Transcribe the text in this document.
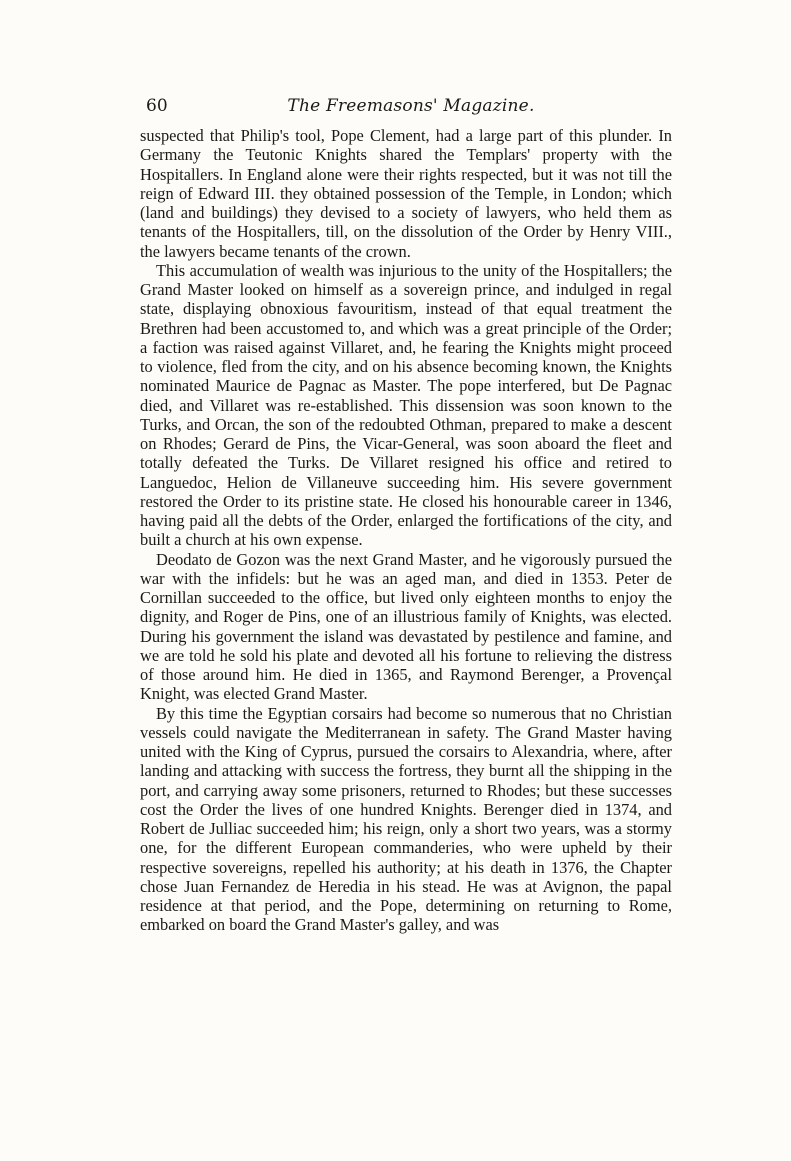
60	The Freemasons' Magazine.

suspected that Philip's tool, Pope Clement, had a large part of this plunder. In Germany the Teutonic Knights shared the Templars' property with the Hospitallers. In England alone were their rights respected, but it was not till the reign of Edward III. they obtained possession of the Temple, in London; which (land and buildings) they devised to a society of lawyers, who held them as tenants of the Hospitallers, till, on the dissolution of the Order by Henry VIII., the lawyers became tenants of the crown.

This accumulation of wealth was injurious to the unity of the Hospitallers; the Grand Master looked on himself as a sovereign prince, and indulged in regal state, displaying obnoxious favouritism, instead of that equal treatment the Brethren had been accustomed to, and which was a great principle of the Order; a faction was raised against Villaret, and, he fearing the Knights might proceed to violence, fled from the city, and on his absence becoming known, the Knights nominated Maurice de Pagnac as Master. The pope interfered, but De Pagnac died, and Villaret was re-established. This dissension was soon known to the Turks, and Orcan, the son of the redoubted Othman, prepared to make a descent on Rhodes; Gerard de Pins, the Vicar-General, was soon aboard the fleet and totally defeated the Turks. De Villaret resigned his office and retired to Languedoc, Helion de Villaneuve succeeding him. His severe government restored the Order to its pristine state. He closed his honourable career in 1346, having paid all the debts of the Order, enlarged the fortifications of the city, and built a church at his own expense.

Deodato de Gozon was the next Grand Master, and he vigorously pursued the war with the infidels: but he was an aged man, and died in 1353. Peter de Cornillan succeeded to the office, but lived only eighteen months to enjoy the dignity, and Roger de Pins, one of an illustrious family of Knights, was elected. During his government the island was devastated by pestilence and famine, and we are told he sold his plate and devoted all his fortune to relieving the distress of those around him. He died in 1365, and Raymond Berenger, a Provençal Knight, was elected Grand Master.

By this time the Egyptian corsairs had become so numerous that no Christian vessels could navigate the Mediterranean in safety. The Grand Master having united with the King of Cyprus, pursued the corsairs to Alexandria, where, after landing and attacking with success the fortress, they burnt all the shipping in the port, and carrying away some prisoners, returned to Rhodes; but these successes cost the Order the lives of one hundred Knights. Berenger died in 1374, and Robert de Julliac succeeded him; his reign, only a short two years, was a stormy one, for the different European commanderies, who were upheld by their respective sovereigns, repelled his authority; at his death in 1376, the Chapter chose Juan Fernandez de Heredia in his stead. He was at Avignon, the papal residence at that period, and the Pope, determining on returning to Rome, embarked on board the Grand Master's galley, and was
